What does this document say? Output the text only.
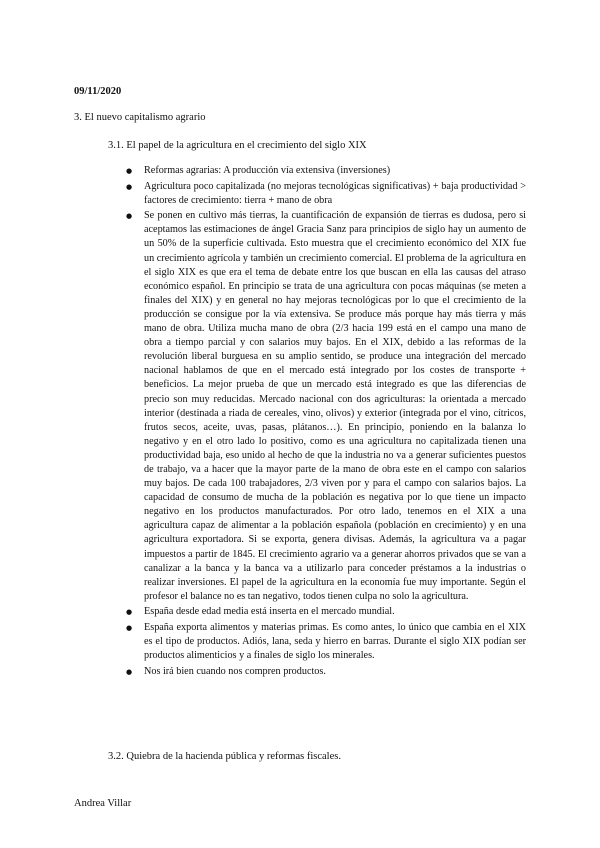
09/11/2020
3. El nuevo capitalismo agrario
3.1. El papel de la agricultura en el crecimiento del siglo XIX
● Reformas agrarias: A producción vía extensiva (inversiones)
● Agricultura poco capitalizada (no mejoras tecnológicas significativas) + baja productividad > factores de crecimiento: tierra + mano de obra
● Se ponen en cultivo más tierras, la cuantificación de expansión de tierras es dudosa, pero si aceptamos las estimaciones de ángel Gracia Sanz para principios de siglo hay un aumento de un 50% de la superficie cultivada. Esto muestra que el crecimiento económico del XIX fue un crecimiento agrícola y también un crecimiento comercial. El problema de la agricultura en el siglo XIX es que era el tema de debate entre los que buscan en ella las causas del atraso económico español. En principio se trata de una agricultura con pocas máquinas (se meten a finales del XIX) y en general no hay mejoras tecnológicas por lo que el crecimiento de la producción se consigue por la vía extensiva. Se produce más porque hay más tierra y más mano de obra. Utiliza mucha mano de obra (2/3 hacia 199 está en el campo una mano de obra a tiempo parcial y con salarios muy bajos. En el XIX, debido a las reformas de la revolución liberal burguesa en su amplio sentido, se produce una integración del mercado nacional hablamos de que en el mercado está integrado por los costes de transporte + beneficios. La mejor prueba de que un mercado está integrado es que las diferencias de precio son muy reducidas. Mercado nacional con dos agriculturas: la orientada a mercado interior (destinada a riada de cereales, vino, olivos) y exterior (integrada por el vino, cítricos, frutos secos, aceite, uvas, pasas, plátanos…). En principio, poniendo en la balanza lo negativo y en el otro lado lo positivo, como es una agricultura no capitalizada tienen una productividad baja, eso unido al hecho de que la industria no va a generar suficientes puestos de trabajo, va a hacer que la mayor parte de la mano de obra este en el campo con salarios muy bajos. De cada 100 trabajadores, 2/3 viven por y para el campo con salarios bajos. La capacidad de consumo de mucha de la población es negativa por lo que tiene un impacto negativo en los productos manufacturados. Por otro lado, tenemos en el XIX a una agricultura capaz de alimentar a la población española (población en crecimiento) y en una agricultura exportadora. Si se exporta, genera divisas. Además, la agricultura va a pagar impuestos a partir de 1845. El crecimiento agrario va a generar ahorros privados que se van a canalizar a la banca y la banca va a utilizarlo para conceder préstamos a la industrias o realizar inversiones. El papel de la agricultura en la economía fue muy importante. Según el profesor el balance no es tan negativo, todos tienen culpa no solo la agricultura.
● España desde edad media está inserta en el mercado mundial.
● España exporta alimentos y materias primas. Es como antes, lo único que cambia en el XIX es el tipo de productos. Adiós, lana, seda y hierro en barras. Durante el siglo XIX podían ser productos alimenticios y a finales de siglo los minerales.
● Nos irá bien cuando nos compren productos.
3.2. Quiebra de la hacienda pública y reformas fiscales.
Andrea Villar
